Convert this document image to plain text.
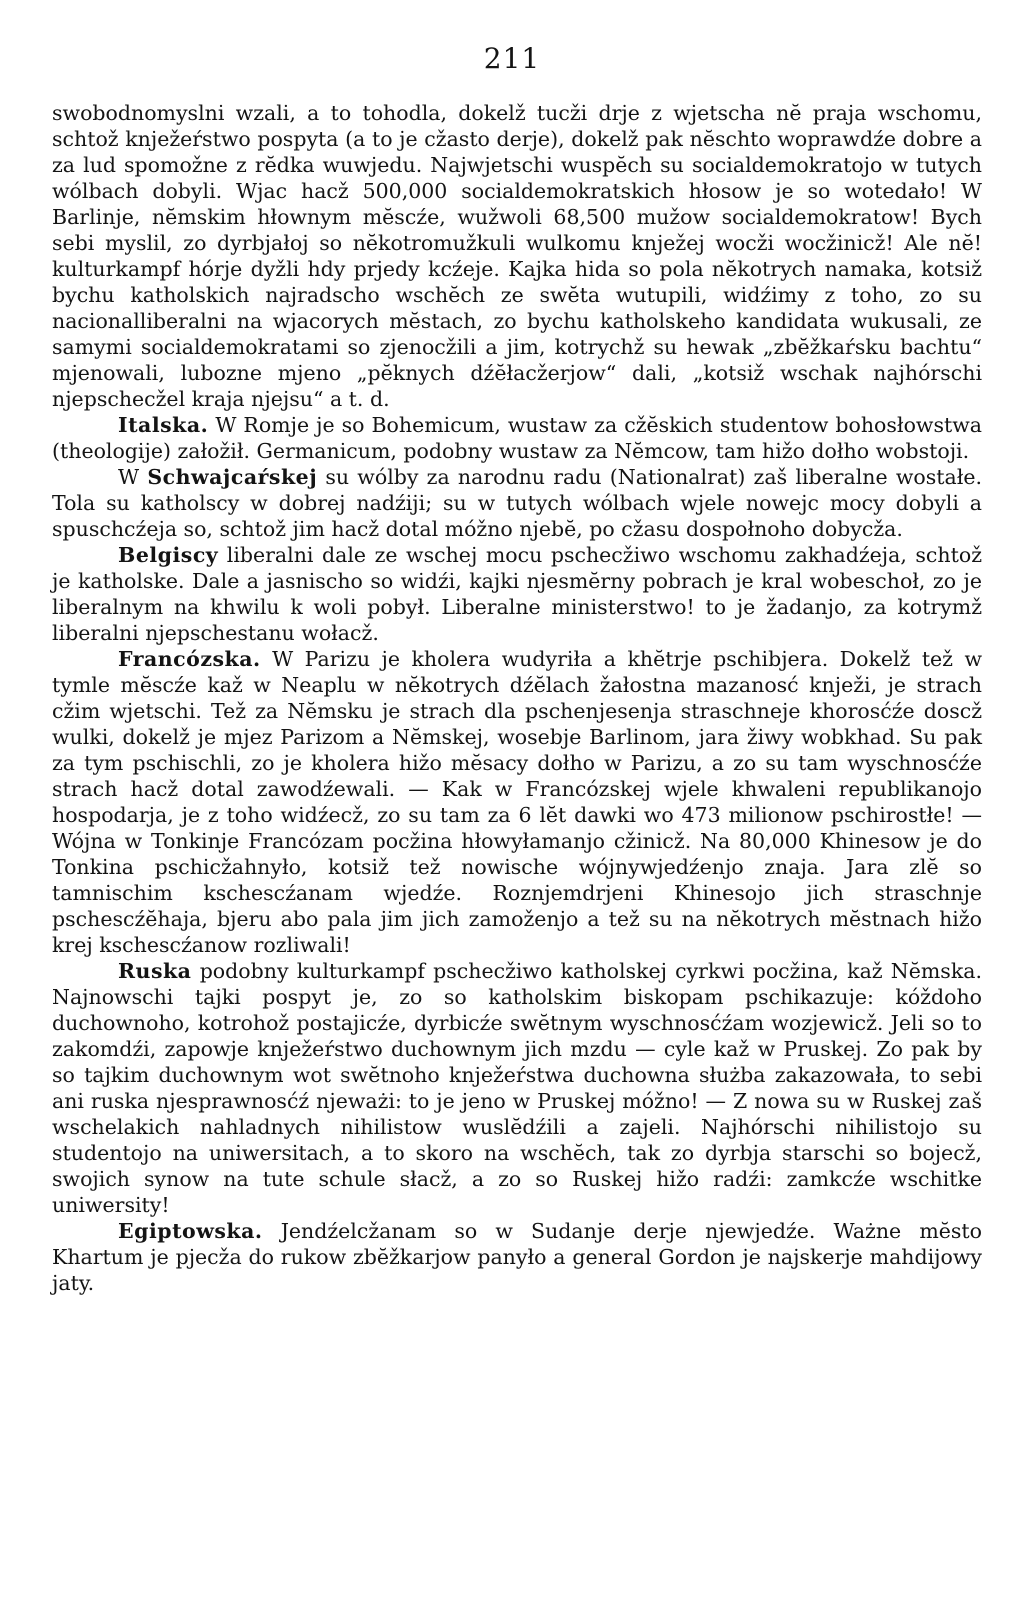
211

swobodnomyslni wzali, a to tohodla, dokelž tucži drje z wjetscha nĕ praja wschomu, schtož knježeŕstwo pospyta (a to je cžasto derje), dokelž pak nĕschto woprawdźe dobre a za lud spomožne z rĕdka wuwjedu. Najwjetschi wuspĕch su socialdemokratojo w tutych wólbach dobyli. Wjac hacž 500,000 socialdemokratskich hłosow je so wotedało! W Barlinje, nĕmskim hłownym mĕscźe, wužwoli 68,500 mužow socialdemokratow! Bych sebi myslil, zo dyrbjałoj so nĕkotromužkuli wulkomu knježej wocži wocžinicž! Ale nĕ! kulturkampf hórje dyžli hdy prjedy kcźeje. Kajka hida so pola nĕkotrych namaka, kotsiž bychu katholskich najradscho wschĕch ze swĕta wutupili, widźimy z toho, zo su nacionalliberalni na wjacorych mĕstach, zo bychu katholskeho kandidata wukusali, ze samymi socialdemokratami so zjenocžili a jim, kotrychž su hewak „zbĕžkaŕsku bachtu“ mjenowali, lubozne mjeno „pĕknych dźĕłacžerjow“ dali, „kotsiž wschak najhórschi njepschecžel kraja njejsu“ a t. d.

Italska. W Romje je so Bohemicum, wustaw za cžĕskich studentow bohosłowstwa (theologije) załožił. Germanicum, podobny wustaw za Nĕmcow, tam hižo dołho wobstoji.

W Schwajcaŕskej su wólby za narodnu radu (Nationalrat) zaš liberalne wostałe. Tola su katholscy w dobrej nadźiji; su w tutych wólbach wjele nowejc mocy dobyli a spuschcźeja so, schtož jim hacž dotal móžno njebĕ, po cžasu dospołnoho dobycža.

Belgiscy liberalni dale ze wschej mocu pschecžiwo wschomu zakhadźeja, schtož je katholske. Dale a jasnischo so widźi, kajki njesmĕrny pobrach je kral wobeschoł, zo je liberalnym na khwilu k woli pobył. Liberalne ministerstwo! to je žadanjo, za kotrymž liberalni njepschestanu wołacž.

Francózska. W Parizu je kholera wudyriła a khĕtrje pschibjera. Dokelž tež w tymle mĕscźe kaž w Neaplu w nĕkotrych dźĕlach žałostna mazanosć knježi, je strach cžim wjetschi. Tež za Nĕmsku je strach dla pschenjesenja straschneje khorosćźe doscž wulki, dokelž je mjez Parizom a Nĕmskej, wosebje Barlinom, jara žiwy wobkhad. Su pak za tym pschischli, zo je kholera hižo mĕsacy dołho w Parizu, a zo su tam wyschnosćźe strach hacž dotal zawodźewali. — Kak w Francózskej wjele khwaleni republikanojo hospodarja, je z toho widźecž, zo su tam za 6 lĕt dawki wo 473 milionow pschirostłe! — Wójna w Tonkinje Francózam pocžina hłowyłamanjo cžinicž. Na 80,000 Khinesow je do Tonkina pschicžahnyło, kotsiž tež nowische wójnywjedźenjo znaja. Jara zlĕ so tamnischim kschescźanam wjedźe. Roznjemdrjeni Khinesojo jich straschnje pschescźĕhaja, bjeru abo pala jim jich zamoženjo a tež su na nĕkotrych mĕstnach hižo krej kschescźanow rozliwali!

Ruska podobny kulturkampf pschecžiwo katholskej cyrkwi pocžina, kaž Nĕmska. Najnowschi tajki pospyt je, zo so katholskim biskopam pschikazuje: kóždoho duchownoho, kotrohož postajicźe, dyrbicźe swĕtnym wyschnosćźam wozjewicž. Jeli so to zakomdźi, zapowje knježeŕstwo duchownym jich mzdu — cyle kaž w Pruskej. Zo pak by so tajkim duchownym wot swĕtnoho knježeŕstwa duchowna służba zakazowała, to sebi ani ruska njesprawnosćź njeważi: to je jeno w Pruskej móžno! — Z nowa su w Ruskej zaš wschelakich nahladnych nihilistow wuslĕdźili a zajeli. Najhórschi nihilistojo su studentojo na uniwersitach, a to skoro na wschĕch, tak zo dyrbja starschi so bojecž, swojich synow na tute schule słacž, a zo so Ruskej hižo radźi: zamkcźe wschitke uniwersity!

Egiptowska. Jendźelcžanam so w Sudanje derje njewjedźe. Ważne mĕsto Khartum je pjecža do rukow zbĕžkarjow panyło a general Gordon je najskerje mahdijowy jaty.
